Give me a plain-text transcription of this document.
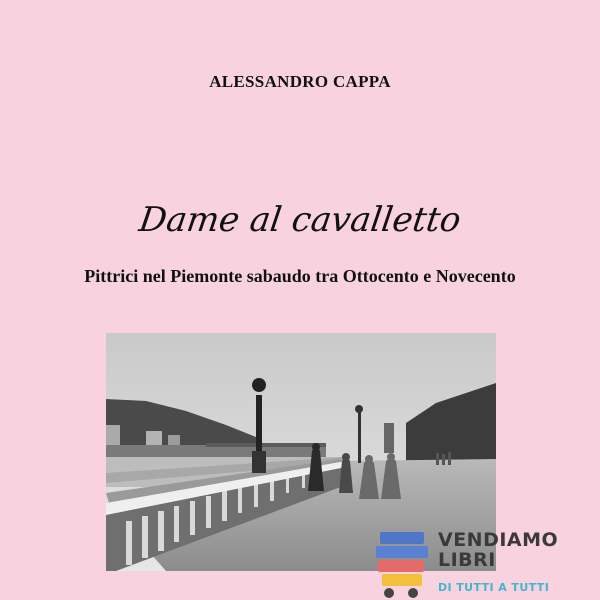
ALESSANDRO CAPPA
Dame al cavalletto
Pittrici nel Piemonte sabaudo tra Ottocento e Novecento
VENDIAMO
LIBRI
DI TUTTI A TUTTI
